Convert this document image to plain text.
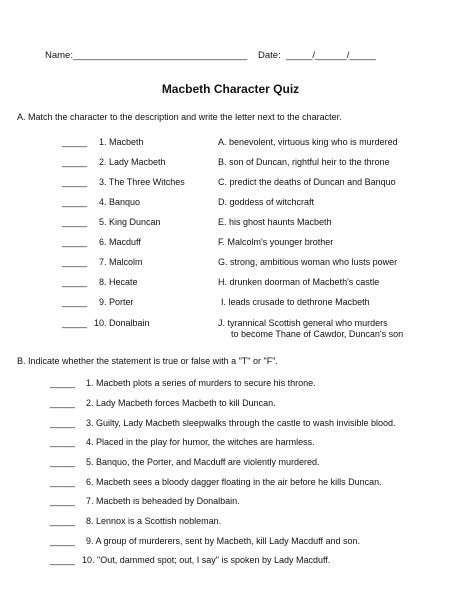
Name:_________________________________ Date: _____/______/_____
Macbeth Character Quiz
A. Match the character to the description and write the letter next to the character.
_____ 1. Macbeth	A. benevolent, virtuous king who is murdered
_____ 2. Lady Macbeth	B. son of Duncan, rightful heir to the throne
_____ 3. The Three Witches	C. predict the deaths of Duncan and Banquo
_____ 4. Banquo	D. goddess of witchcraft
_____ 5. King Duncan	E. his ghost haunts Macbeth
_____ 6. Macduff	F. Malcolm's younger brother
_____ 7. Malcolm	G. strong, ambitious woman who lusts power
_____ 8. Hecate	H. drunken doorman of Macbeth's castle
_____ 9. Porter	I. leads crusade to dethrone Macbeth
_____ 10. Donalbain	J. tyrannical Scottish general who murders
to become Thane of Cawdor, Duncan's son
B. Indicate whether the statement is true or false with a "T" or "F".
_____ 1. Macbeth plots a series of murders to secure his throne.
_____ 2. Lady Macbeth forces Macbeth to kill Duncan.
_____ 3. Guilty, Lady Macbeth sleepwalks through the castle to wash invisible blood.
_____ 4. Placed in the play for humor, the witches are harmless.
_____ 5. Banquo, the Porter, and Macduff are violently murdered.
_____ 6. Macbeth sees a bloody dagger floating in the air before he kills Duncan.
_____ 7. Macbeth is beheaded by Donalbain.
_____ 8. Lennox is a Scottish nobleman.
_____ 9. A group of murderers, sent by Macbeth, kill Lady Macduff and son.
_____ 10. "Out, dammed spot; out, I say" is spoken by Lady Macduff.
